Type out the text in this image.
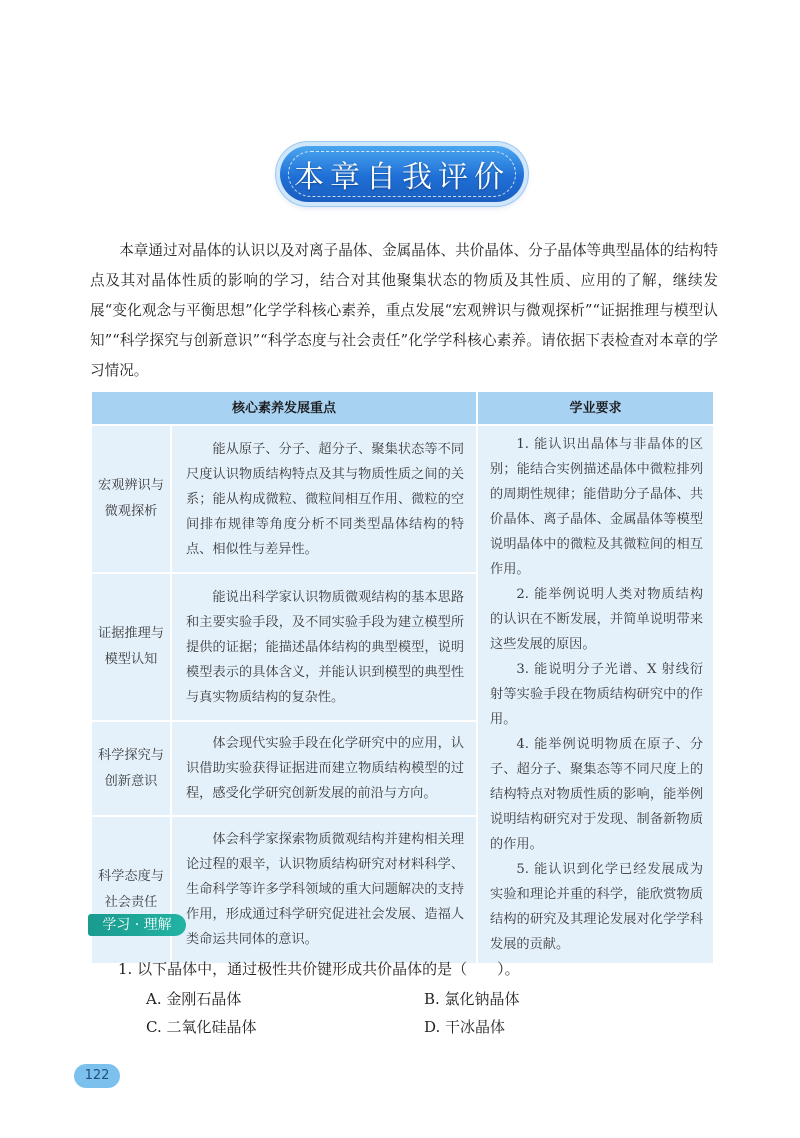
本章自我评价

本章通过对晶体的认识以及对离子晶体、金属晶体、共价晶体、分子晶体等典型晶体的结构特点及其对晶体性质的影响的学习，结合对其他聚集状态的物质及其性质、应用的了解，继续发展“变化观念与平衡思想”化学学科核心素养，重点发展“宏观辨识与微观探析”“证据推理与模型认知”“科学探究与创新意识”“科学态度与社会责任”化学学科核心素养。请依据下表检查对本章的学习情况。

核心素养发展重点		学业要求
宏观辨识与微观探析	能从原子、分子、超分子、聚集状态等不同尺度认识物质结构特点及其与物质性质之间的关系；能从构成微粒、微粒间相互作用、微粒的空间排布规律等角度分析不同类型晶体结构的特点、相似性与差异性。	1. 能认识出晶体与非晶体的区别；能结合实例描述晶体中微粒排列的周期性规律；能借助分子晶体、共价晶体、离子晶体、金属晶体等模型说明晶体中的微粒及其微粒间的相互作用。

2. 能举例说明人类对物质结构的认识在不断发展，并简单说明带来这些发展的原因。

3. 能说明分子光谱、X 射线衍射等实验手段在物质结构研究中的作用。

4. 能举例说明物质在原子、分子、超分子、聚集态等不同尺度上的结构特点对物质性质的影响，能举例说明结构研究对于发现、制备新物质的作用。

5. 能认识到化学已经发展成为实验和理论并重的科学，能欣赏物质结构的研究及其理论发展对化学学科发展的贡献。

证据推理与模型认知	能说出科学家认识物质微观结构的基本思路和主要实验手段，及不同实验手段为建立模型所提供的证据；能描述晶体结构的典型模型，说明模型表示的具体含义，并能认识到模型的典型性与真实物质结构的复杂性。	
科学探究与创新意识	体会现代实验手段在化学研究中的应用，认识借助实验获得证据进而建立物质结构模型的过程，感受化学研究创新发展的前沿与方向。	
科学态度与社会责任	体会科学家探索物质微观结构并建构相关理论过程的艰辛，认识物质结构研究对材料科学、生命科学等许多学科领域的重大问题解决的支持作用，形成通过科学研究促进社会发展、造福人类命运共同体的意识。	
学习 · 理解

1. 以下晶体中，通过极性共价键形成共价晶体的是（　　）。

A. 金刚石晶体	B. 氯化钠晶体
C. 二氧化硅晶体	D. 干冰晶体
122
